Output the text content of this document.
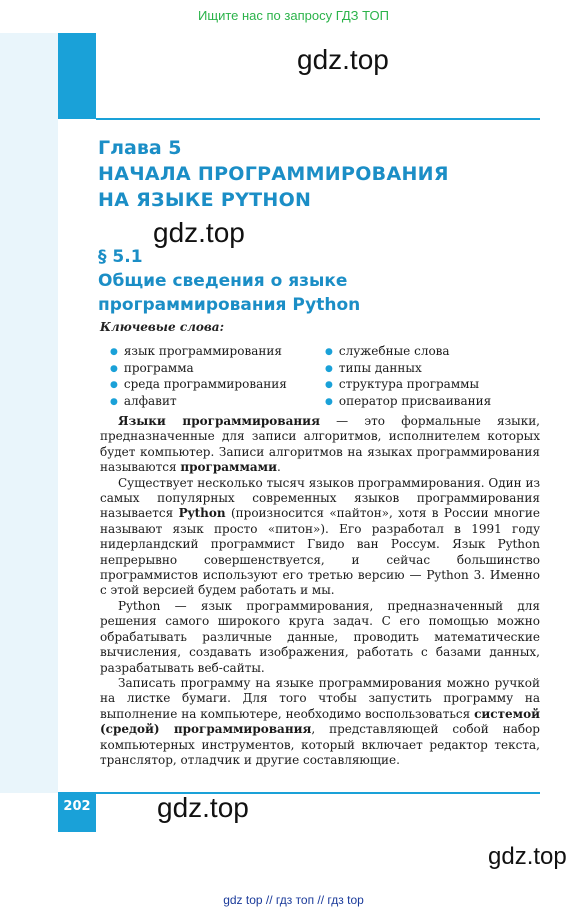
Ищите нас по запросу ГДЗ ТОП
gdz.top
Глава 5
НАЧАЛА ПРОГРАММИРОВАНИЯ
НА ЯЗЫКЕ PYTHON
gdz.top
§ 5.1
Общие сведения о языке
программирования Python
Ключевые слова:
● язык программирования
● программа
● среда программирования
● алфавит
● служебные слова
● типы данных
● структура программы
● оператор присваивания

Языки программирования — это формальные языки, предназначенные для записи алгоритмов, исполнителем которых будет компьютер. Записи алгоритмов на языках программирования называются программами.

Существует несколько тысяч языков программирования. Один из самых популярных современных языков программирования называется Python (произносится «пайтон», хотя в России многие называют язык просто «питон»). Его разработал в 1991 году нидерландский программист Гвидо ван Россум. Язык Python непрерывно совершенствуется, и сейчас большинство программистов используют его третью версию — Python 3. Именно с этой версией будем работать и мы.

Python — язык программирования, предназначенный для решения самого широкого круга задач. С его помощью можно обрабатывать различные данные, проводить математические вычисления, создавать изображения, работать с базами данных, разрабатывать веб-сайты.

Записать программу на языке программирования можно ручкой на листке бумаги. Для того чтобы запустить программу на выполнение на компьютере, необходимо воспользоваться системой (средой) программирования, представляющей собой набор компьютерных инструментов, который включает редактор текста, транслятор, отладчик и другие составляющие.

202 gdz.top
gdz.top
gdz top // гдз топ // гдз top
